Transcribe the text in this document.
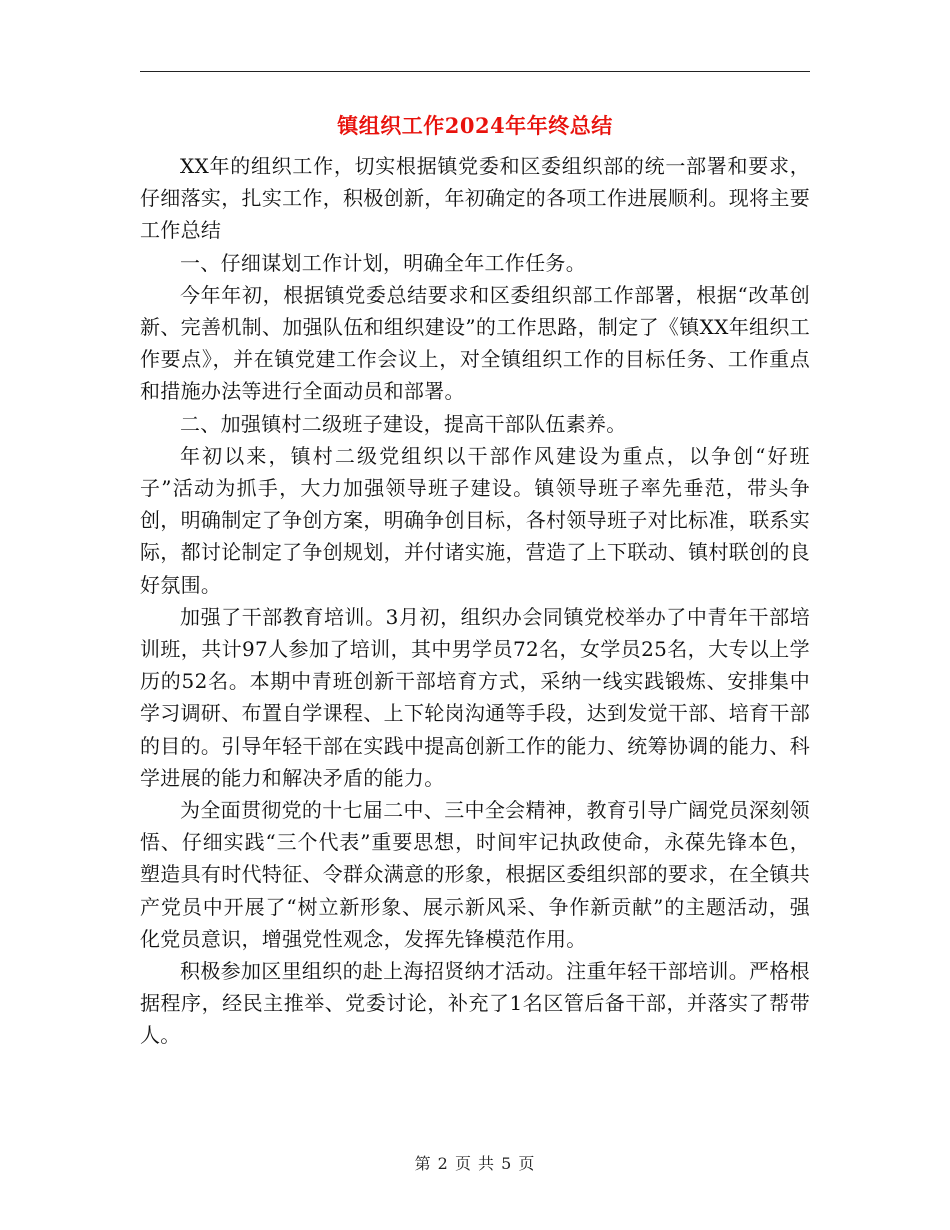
镇组织工作2024年年终总结

XX年的组织工作，切实根据镇党委和区委组织部的统一部署和要求，仔细落实，扎实工作，积极创新，年初确定的各项工作进展顺利。现将主要工作总结

一、仔细谋划工作计划，明确全年工作任务。

今年年初，根据镇党委总结要求和区委组织部工作部署，根据“改革创新、完善机制、加强队伍和组织建设”的工作思路，制定了《镇XX年组织工作要点》，并在镇党建工作会议上，对全镇组织工作的目标任务、工作重点和措施办法等进行全面动员和部署。

二、加强镇村二级班子建设，提高干部队伍素养。

年初以来，镇村二级党组织以干部作风建设为重点，以争创“好班子”活动为抓手，大力加强领导班子建设。镇领导班子率先垂范，带头争创，明确制定了争创方案，明确争创目标，各村领导班子对比标准，联系实际，都讨论制定了争创规划，并付诸实施，营造了上下联动、镇村联创的良好氛围。

加强了干部教育培训。3月初，组织办会同镇党校举办了中青年干部培训班，共计97人参加了培训，其中男学员72名，女学员25名，大专以上学历的52名。本期中青班创新干部培育方式，采纳一线实践锻炼、安排集中学习调研、布置自学课程、上下轮岗沟通等手段，达到发觉干部、培育干部的目的。引导年轻干部在实践中提高创新工作的能力、统筹协调的能力、科学进展的能力和解决矛盾的能力。

为全面贯彻党的十七届二中、三中全会精神，教育引导广阔党员深刻领悟、仔细实践“三个代表”重要思想，时间牢记执政使命，永葆先锋本色，塑造具有时代特征、令群众满意的形象，根据区委组织部的要求，在全镇共产党员中开展了“树立新形象、展示新风采、争作新贡献”的主题活动，强化党员意识，增强党性观念，发挥先锋模范作用。

积极参加区里组织的赴上海招贤纳才活动。注重年轻干部培训。严格根据程序，经民主推举、党委讨论，补充了1名区管后备干部，并落实了帮带人。

第 2 页 共 5 页
